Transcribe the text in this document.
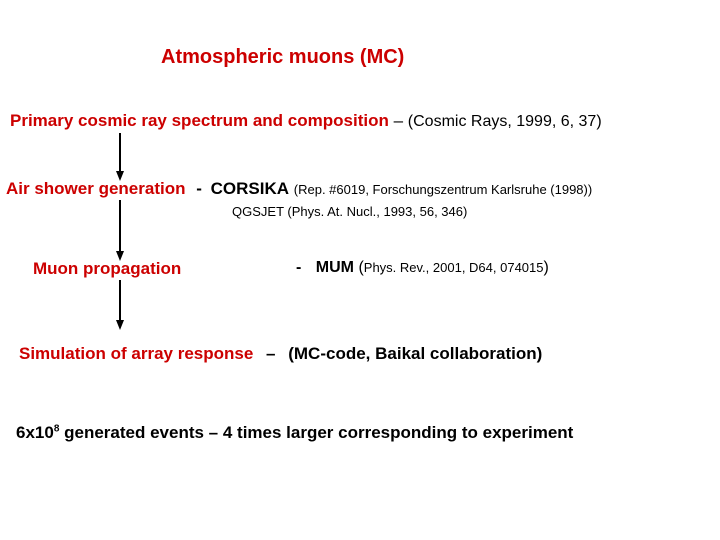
Atmospheric muons (MC)
Primary cosmic ray spectrum and composition – (Cosmic Rays, 1999, 6, 37)
Air shower generation - CORSIKA (Rep. #6019, Forschungszentrum Karlsruhe (1998))
QGSJET (Phys. At. Nucl., 1993, 56, 346)
Muon propagation	- MUM (Phys. Rev., 2001, D64, 074015)
Simulation of array response – (MC-code, Baikal collaboration)
$6x10^8$ generated events – 4 times larger corresponding to experiment
